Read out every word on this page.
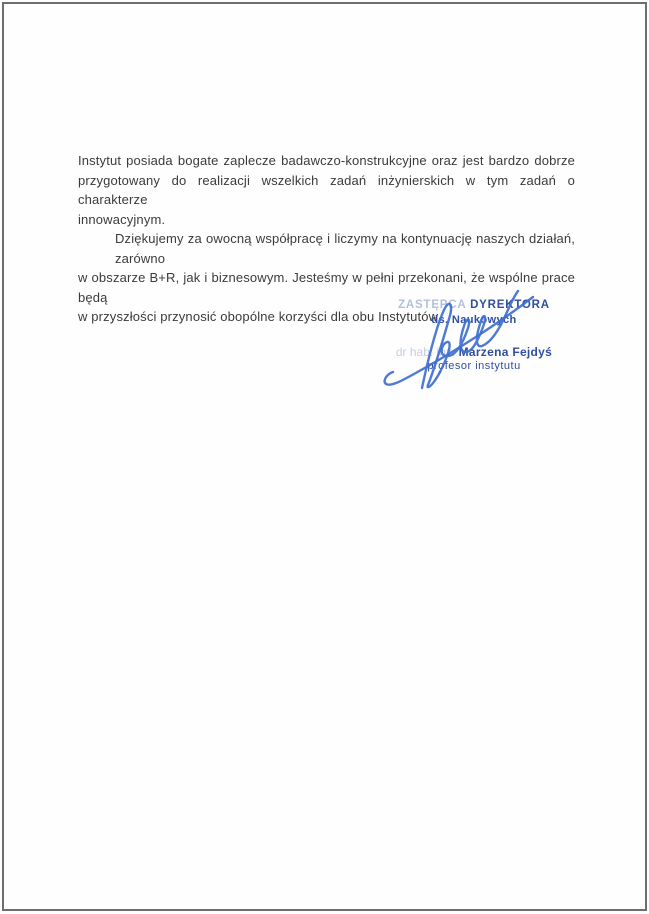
Instytut posiada bogate zaplecze badawczo-konstrukcyjne oraz jest bardzo dobrze
przygotowany do realizacji wszelkich zadań inżynierskich w tym zadań o charakterze
innowacyjnym.
Dziękujemy za owocną współpracę i liczymy na kontynuację naszych działań, zarówno
w obszarze B+R, jak i biznesowym. Jesteśmy w pełni przekonani, że wspólne prace będą
w przyszłości przynosić obopólne korzyści dla obu Instytutów.
ZASTĘPCA DYREKTORA
ds. Naukowych
dr hab. inż. Marzena Fejdyś
profesor instytutu
